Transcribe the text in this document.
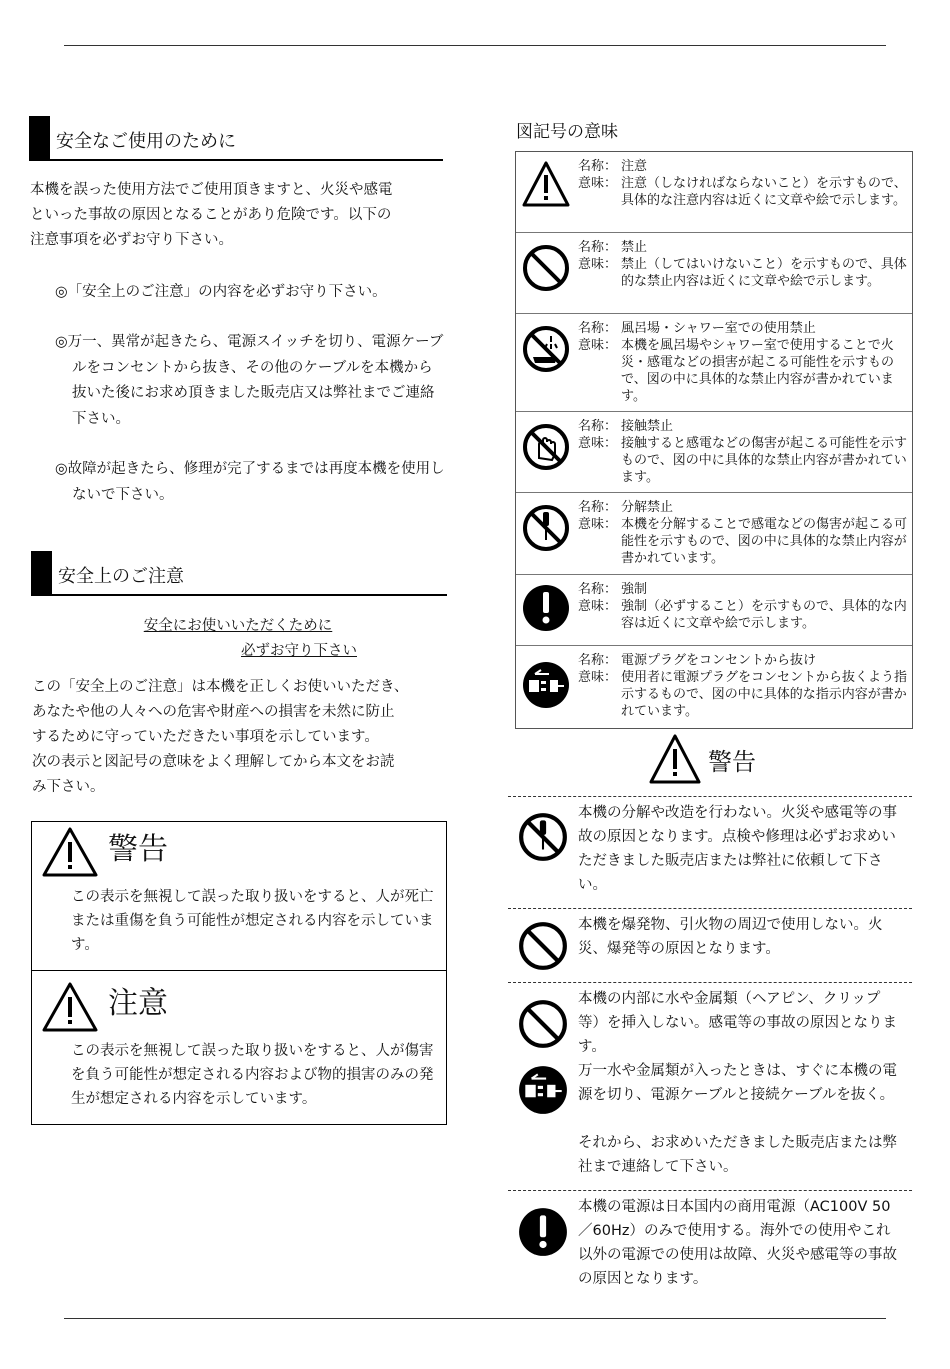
安全なご使用のために

本機を誤った使用方法でご使用頂きますと、火災や感電

といった事故の原因となることがあり危険です。以下の

注意事項を必ずお守り下さい。

◎「安全上のご注意」の内容を必ずお守り下さい。
◎万一、異常が起きたら、電源スイッチを切り、電源ケーブルをコンセントから抜き、その他のケーブルを本機から抜いた後にお求め頂きました販売店又は弊社までご連絡下さい。
◎故障が起きたら、修理が完了するまでは再度本機を使用しないで下さい。
安全上のご注意
安全にお使いいただくために
必ずお守り下さい

この「安全上のご注意」は本機を正しくお使いいただき、

あなたや他の人々への危害や財産への損害を未然に防止

するために守っていただきたい事項を示しています。

次の表示と図記号の意味をよく理解してから本文をお読

み下さい。

警告
この表示を無視して誤った取り扱いをすると、人が死亡または重傷を負う可能性が想定される内容を示しています。
注意
この表示を無視して誤った取り扱いをすると、人が傷害を負う可能性が想定される内容および物的損害のみの発生が想定される内容を示しています。
図記号の意味
名称： 注意
意味： 注意（しなければならないこと）を示すもので、具体的な注意内容は近くに文章や絵で示します。
名称： 禁止
意味： 禁止（してはいけないこと）を示すもので、具体的な禁止内容は近くに文章や絵で示します。
名称： 風呂場・シャワー室での使用禁止
意味： 本機を風呂場やシャワー室で使用することで火災・感電などの損害が起こる可能性を示すもので、図の中に具体的な禁止内容が書かれています。
名称： 接触禁止
意味： 接触すると感電などの傷害が起こる可能性を示すもので、図の中に具体的な禁止内容が書かれています。
名称： 分解禁止
意味： 本機を分解することで感電などの傷害が起こる可能性を示すもので、図の中に具体的な禁止内容が書かれています。
名称： 強制
意味： 強制（必ずすること）を示すもので、具体的な内容は近くに文章や絵で示します。
名称： 電源プラグをコンセントから抜け
意味： 使用者に電源プラグをコンセントから抜くよう指示するもので、図の中に具体的な指示内容が書かれています。
警告
本機の分解や改造を行わない。火災や感電等の事故の原因となります。点検や修理は必ずお求めいただきました販売店または弊社に依頼して下さい。
本機を爆発物、引火物の周辺で使用しない。火災、爆発等の原因となります。
本機の内部に水や金属類（ヘアピン、クリップ等）を挿入しない。感電等の事故の原因となります。
万一水や金属類が入ったときは、すぐに本機の電源を切り、電源ケーブルと接続ケーブルを抜く。
それから、お求めいただきました販売店または弊社まで連絡して下さい。
本機の電源は日本国内の商用電源（AC100V 50／60Hz）のみで使用する。海外での使用やこれ以外の電源での使用は故障、火災や感電等の事故の原因となります。
